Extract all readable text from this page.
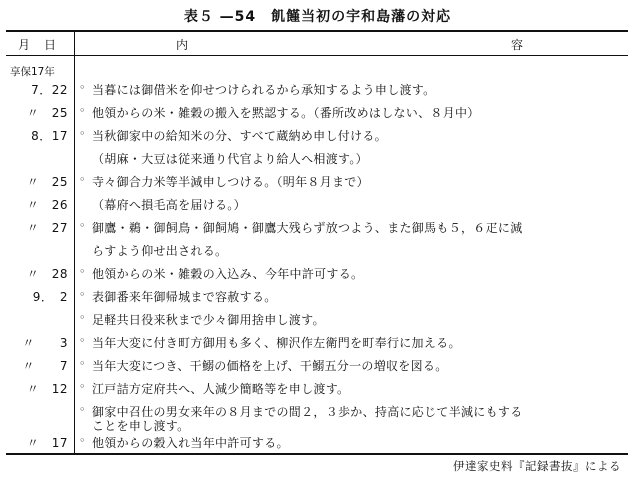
表５ —54　飢饉当初の宇和島藩の対応
月日	内	容
享保17年
7．22 ◦ 当暮には御借米を仰せつけられるから承知するよう申し渡す。
〃　25 ◦ 他領からの米・雑穀の搬入を黙認する。（番所改めはしない、８月中）
8．17 ◦ 当秋御家中の給知米の分、すべて蔵納め申し付ける。
（胡麻・大豆は従来通り代官より給人へ相渡す。）
〃　25 ◦ 寺々御合力米等半減申しつける。（明年８月まで）
〃　26 （幕府へ損毛高を届ける。）
〃　27 ◦ 御鷹・鵜・御飼鳥・御飼鳩・御鷹大残らず放つよう、また御馬も５，６疋に減
らすよう仰せ出される。
〃　28 ◦ 他領からの米・雑穀の入込み、今年中許可する。
9．　2 ◦ 表御番来年御帰城まで容赦する。
◦ 足軽共日役来秋まで少々御用捨申し渡す。
〃　　3 ◦ 当年大変に付き町方御用も多く、柳沢作左衛門を町奉行に加える。
〃　　7 ◦ 当年大変につき、干鰯の価格を上げ、干鰯五分一の増収を図る。
〃　12 ◦ 江戸詰方定府共へ、人減少簡略等を申し渡す。
◦ 御家中召仕の男女来年の８月までの間２，３歩か、持高に応じて半減にもする
ことを申し渡す。
〃　17 ◦ 他領からの穀入れ当年中許可する。
伊達家史料『記録書抜』による
